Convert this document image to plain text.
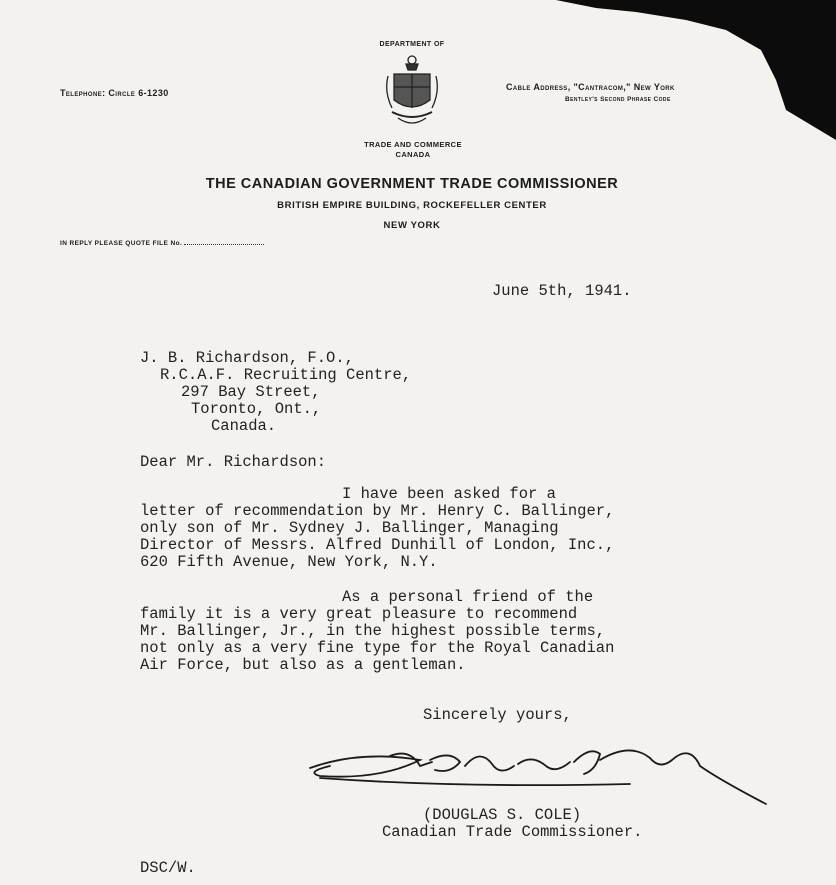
Telephone: Circle 6-1230
Cable Address, "Cantracom," New York
Bentley's Second Phrase Code
DEPARTMENT OF
TRADE AND COMMERCE
CANADA
THE CANADIAN GOVERNMENT TRADE COMMISSIONER
BRITISH EMPIRE BUILDING, ROCKEFELLER CENTER
NEW YORK
IN REPLY PLEASE QUOTE FILE No.
June 5th, 1941.
J. B. Richardson, F.O.,
R.C.A.F. Recruiting Centre,
297 Bay Street,
Toronto, Ont.,
Canada.
Dear Mr. Richardson:
I have been asked for a
letter of recommendation by Mr. Henry C. Ballinger,
only son of Mr. Sydney J. Ballinger, Managing
Director of Messrs. Alfred Dunhill of London, Inc.,
620 Fifth Avenue, New York, N.Y.
As a personal friend of the
family it is a very great pleasure to recommend
Mr. Ballinger, Jr., in the highest possible terms,
not only as a very fine type for the Royal Canadian
Air Force, but also as a gentleman.
Sincerely yours,
(DOUGLAS S. COLE)
Canadian Trade Commissioner.
DSC/W.
